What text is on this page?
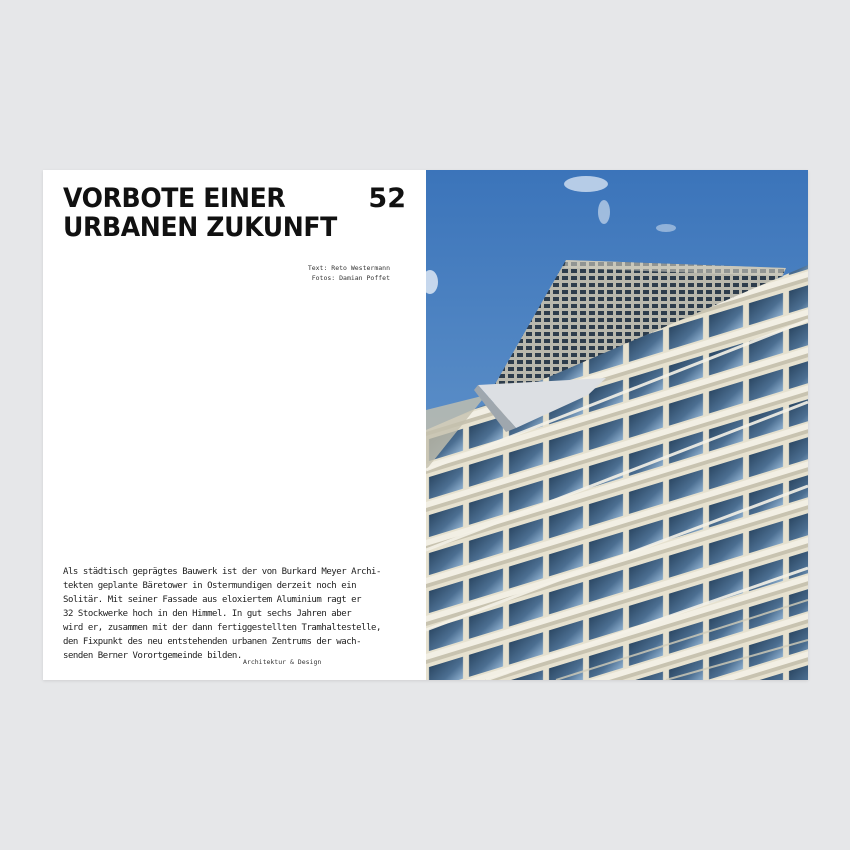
VORBOTE EINER
URBANEN ZUKUNFT
52
Text: Reto Westermann
Fotos: Damian Poffet

Als städtisch geprägtes Bauwerk ist der von Burkard Meyer Archi-
tekten geplante Bäretower in Ostermundigen derzeit noch ein
Solitär. Mit seiner Fassade aus eloxiertem Aluminium ragt er
32 Stockwerke hoch in den Himmel. In gut sechs Jahren aber
wird er, zusammen mit der dann fertiggestellten Tramhaltestelle,
den Fixpunkt des neu entstehenden urbanen Zentrums der wach-
senden Berner Vorortgemeinde bilden.

Architektur & Design
